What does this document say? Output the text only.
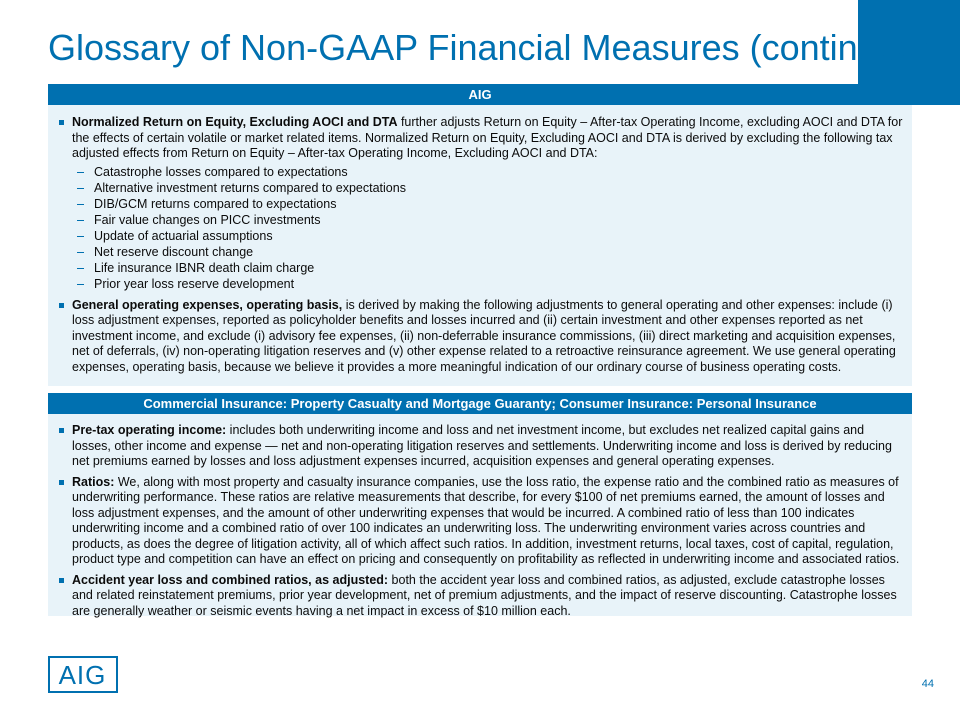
Glossary of Non-GAAP Financial Measures (continued)
AIG
Normalized Return on Equity, Excluding AOCI and DTA further adjusts Return on Equity – After-tax Operating Income, excluding AOCI and DTA for the effects of certain volatile or market related items. Normalized Return on Equity, Excluding AOCI and DTA is derived by excluding the following tax adjusted effects from Return on Equity – After-tax Operating Income, Excluding AOCI and DTA:
Catastrophe losses compared to expectations
Alternative investment returns compared to expectations
DIB/GCM returns compared to expectations
Fair value changes on PICC investments
Update of actuarial assumptions
Net reserve discount change
Life insurance IBNR death claim charge
Prior year loss reserve development
General operating expenses, operating basis, is derived by making the following adjustments to general operating and other expenses: include (i) loss adjustment expenses, reported as policyholder benefits and losses incurred and (ii) certain investment and other expenses reported as net investment income, and exclude (i) advisory fee expenses, (ii) non-deferrable insurance commissions, (iii) direct marketing and acquisition expenses, net of deferrals, (iv) non-operating litigation reserves and (v) other expense related to a retroactive reinsurance agreement. We use general operating expenses, operating basis, because we believe it provides a more meaningful indication of our ordinary course of business operating costs.
Commercial Insurance: Property Casualty and Mortgage Guaranty; Consumer Insurance: Personal Insurance
Pre-tax operating income: includes both underwriting income and loss and net investment income, but excludes net realized capital gains and losses, other income and expense — net and non-operating litigation reserves and settlements. Underwriting income and loss is derived by reducing net premiums earned by losses and loss adjustment expenses incurred, acquisition expenses and general operating expenses.
Ratios: We, along with most property and casualty insurance companies, use the loss ratio, the expense ratio and the combined ratio as measures of underwriting performance. These ratios are relative measurements that describe, for every $100 of net premiums earned, the amount of losses and loss adjustment expenses, and the amount of other underwriting expenses that would be incurred. A combined ratio of less than 100 indicates underwriting income and a combined ratio of over 100 indicates an underwriting loss. The underwriting environment varies across countries and products, as does the degree of litigation activity, all of which affect such ratios. In addition, investment returns, local taxes, cost of capital, regulation, product type and competition can have an effect on pricing and consequently on profitability as reflected in underwriting income and associated ratios.
Accident year loss and combined ratios, as adjusted: both the accident year loss and combined ratios, as adjusted, exclude catastrophe losses and related reinstatement premiums, prior year development, net of premium adjustments, and the impact of reserve discounting. Catastrophe losses are generally weather or seismic events having a net impact in excess of $10 million each.
AIG	44
